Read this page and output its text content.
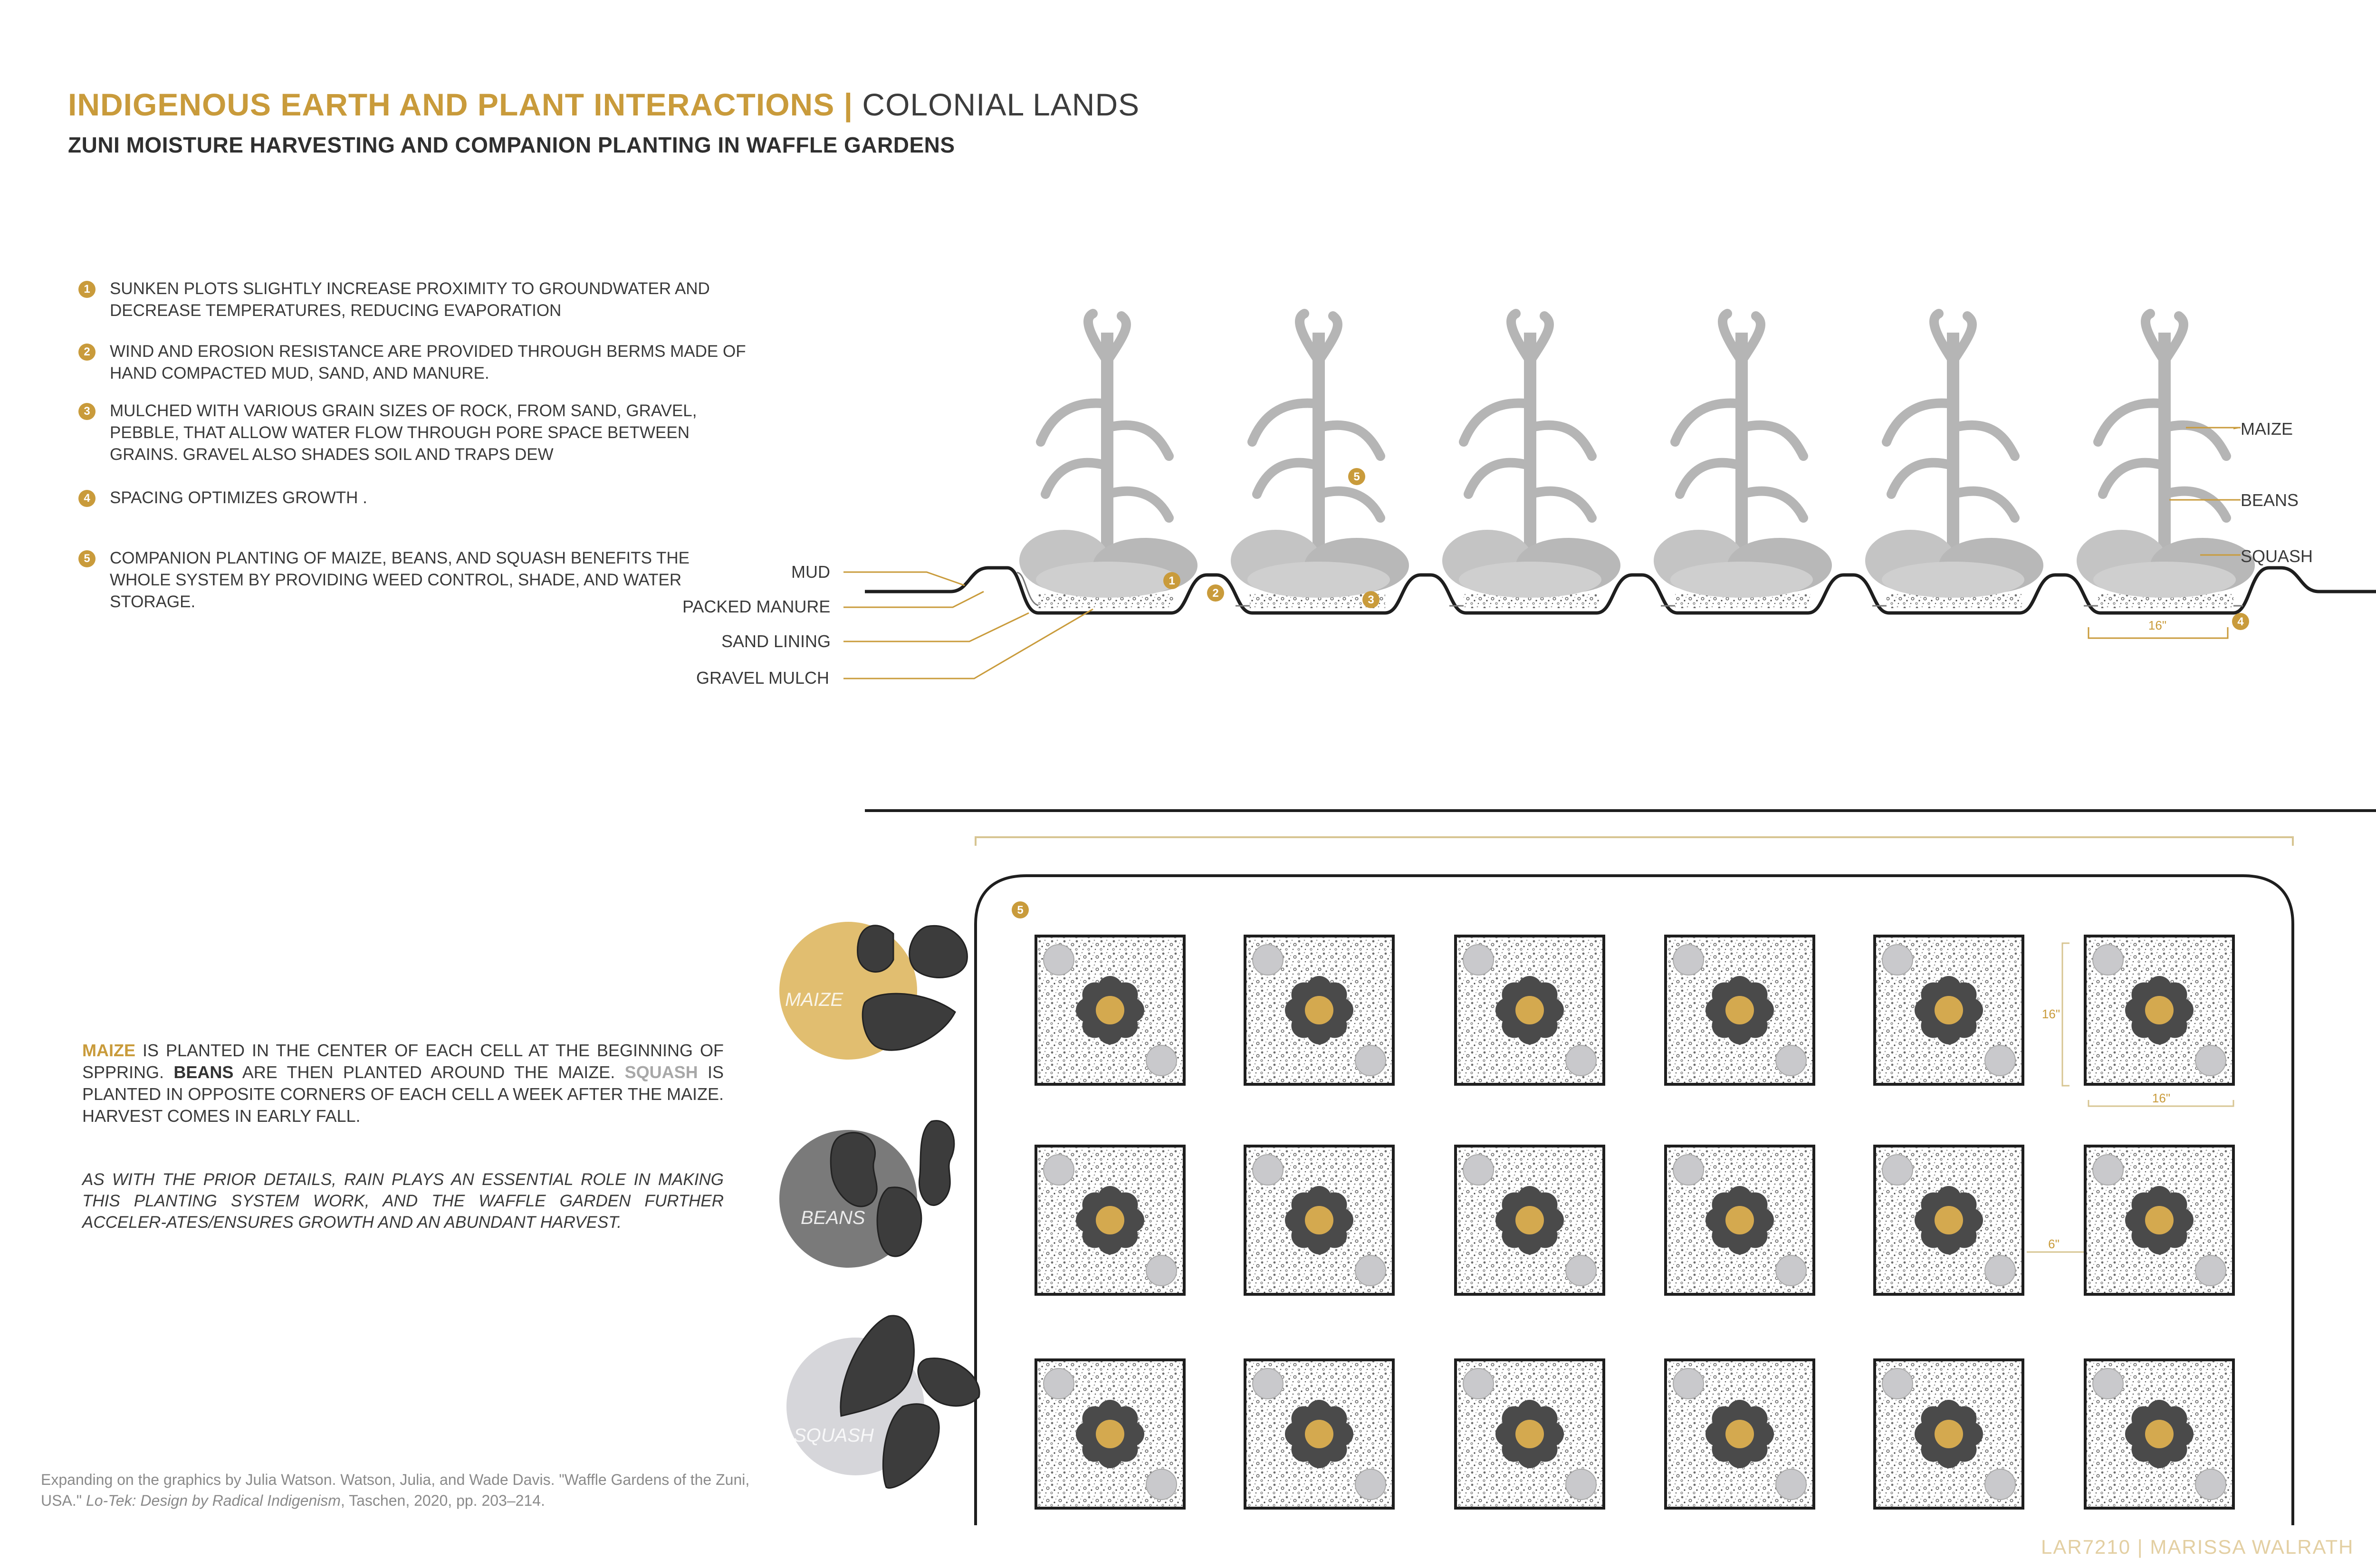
INDIGENOUS EARTH AND PLANT INTERACTIONS | COLONIAL LANDS
ZUNI MOISTURE HARVESTING AND COMPANION PLANTING IN WAFFLE GARDENS
1	SUNKEN PLOTS SLIGHTLY INCREASE PROXIMITY TO GROUNDWATER AND DECREASE TEMPERATURES, REDUCING EVAPORATION
2	WIND AND EROSION RESISTANCE ARE PROVIDED THROUGH BERMS MADE OF HAND COMPACTED MUD, SAND, AND MANURE.
3	MULCHED WITH VARIOUS GRAIN SIZES OF ROCK, FROM SAND, GRAVEL, PEBBLE, THAT ALLOW WATER FLOW THROUGH PORE SPACE BETWEEN GRAINS. GRAVEL ALSO SHADES SOIL AND TRAPS DEW
4	SPACING OPTIMIZES GROWTH .
5	COMPANION PLANTING OF MAIZE, BEANS, AND SQUASH BENEFITS THE WHOLE SYSTEM BY PROVIDING WEED CONTROL, SHADE, AND WATER STORAGE.
1
2
3
5
4
5
16"
16"
16"
6"
MAIZE
BEANS
SQUASH
MUD
PACKED MANURE
SAND LINING
GRAVEL MULCH
MAIZE
BEANS
SQUASH
MAIZE IS PLANTED IN THE CENTER OF EACH CELL AT THE BEGINNING OF SPPRING. BEANS ARE THEN PLANTED AROUND THE MAIZE. SQUASH IS PLANTED IN OPPOSITE CORNERS OF EACH CELL A WEEK AFTER THE MAIZE. HARVEST COMES IN EARLY FALL.
AS WITH THE PRIOR DETAILS, RAIN PLAYS AN ESSENTIAL ROLE IN MAKING THIS PLANTING SYSTEM WORK, AND THE WAFFLE GARDEN FURTHER ACCELER-ATES/ENSURES GROWTH AND AN ABUNDANT HARVEST.
Expanding on the graphics by Julia Watson. Watson, Julia, and Wade Davis. "Waffle Gardens of the Zuni, USA." Lo-Tek: Design by Radical Indigenism, Taschen, 2020, pp. 203–214.
LAR7210 | MARISSA WALRATH
